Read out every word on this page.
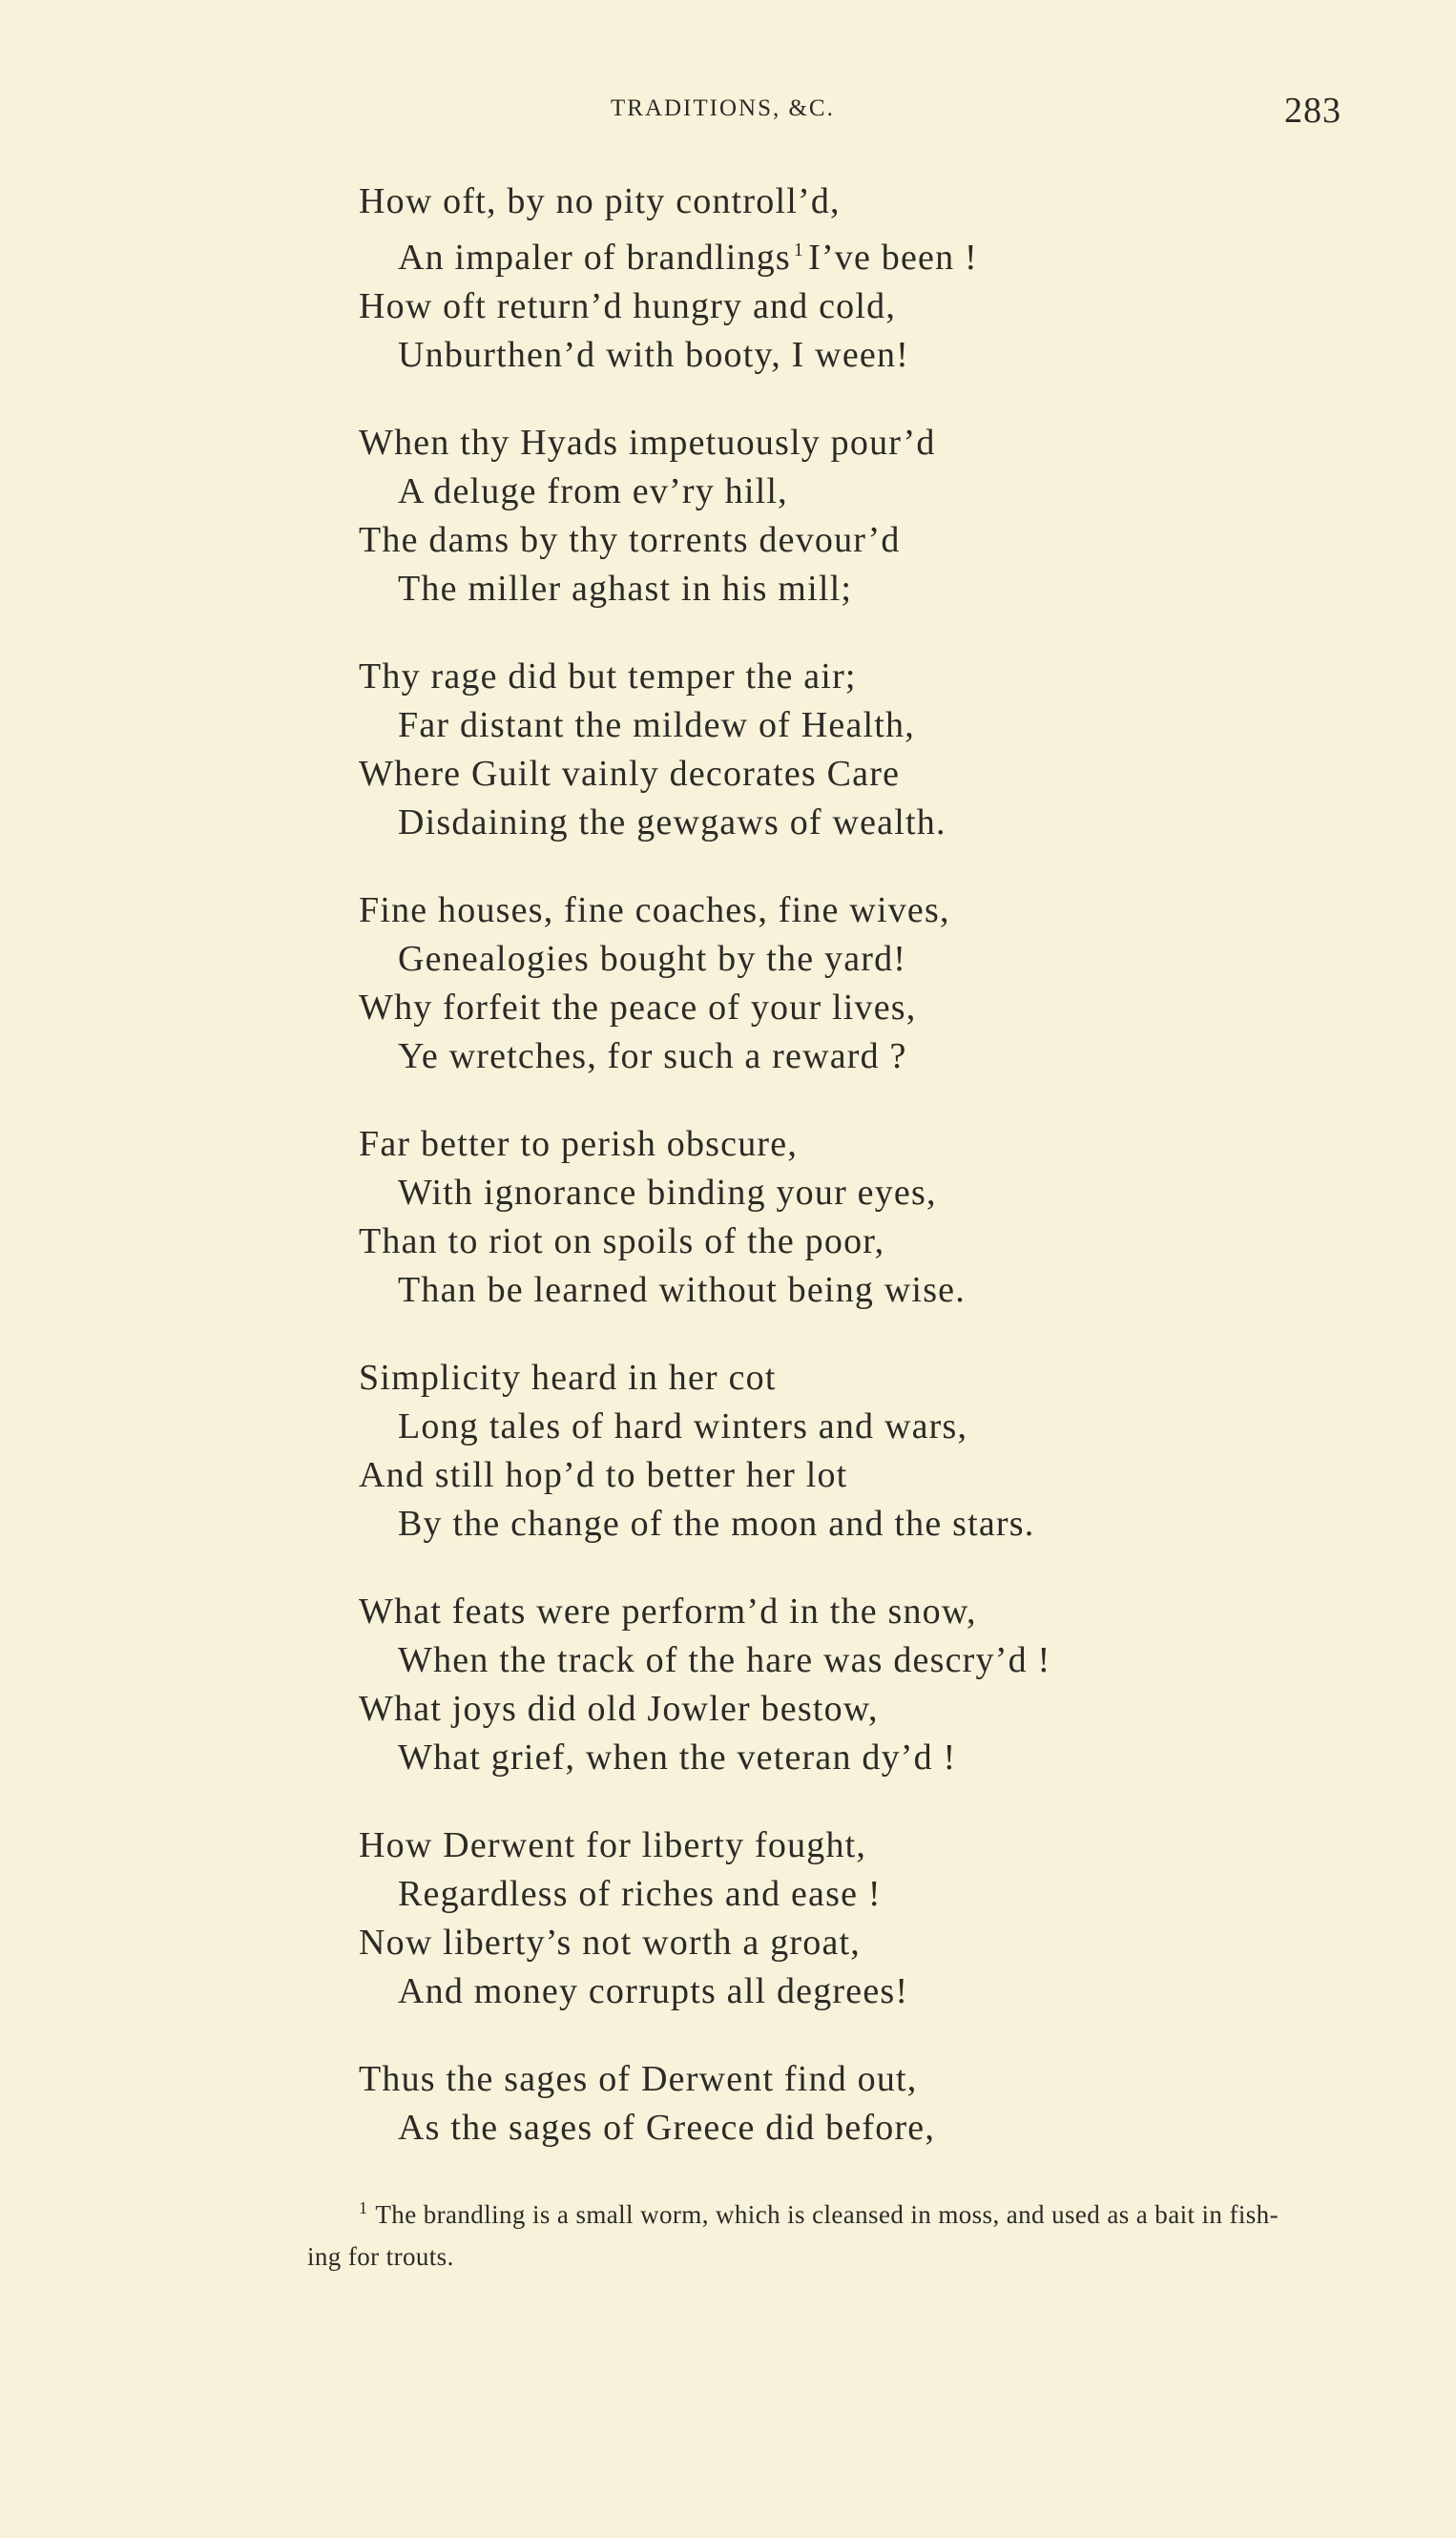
TRADITIONS, &C.	283
How oft, by no pity controll’d,
An impaler of brandlings $^1$ I’ve been !
How oft return’d hungry and cold,
Unburthen’d with booty, I ween!
When thy Hyads impetuously pour’d
A deluge from ev’ry hill,
The dams by thy torrents devour’d
The miller aghast in his mill;
Thy rage did but temper the air;
Far distant the mildew of Health,
Where Guilt vainly decorates Care
Disdaining the gewgaws of wealth.
Fine houses, fine coaches, fine wives,
Genealogies bought by the yard!
Why forfeit the peace of your lives,
Ye wretches, for such a reward ?
Far better to perish obscure,
With ignorance binding your eyes,
Than to riot on spoils of the poor,
Than be learned without being wise.
Simplicity heard in her cot
Long tales of hard winters and wars,
And still hop’d to better her lot
By the change of the moon and the stars.
What feats were perform’d in the snow,
When the track of the hare was descry’d !
What joys did old Jowler bestow,
What grief, when the veteran dy’d !
How Derwent for liberty fought,
Regardless of riches and ease !
Now liberty’s not worth a groat,
And money corrupts all degrees!
Thus the sages of Derwent find out,
As the sages of Greece did before,
$^1$ The brandling is a small worm, which is cleansed in moss, and used as a bait in fish-
ing for trouts.
